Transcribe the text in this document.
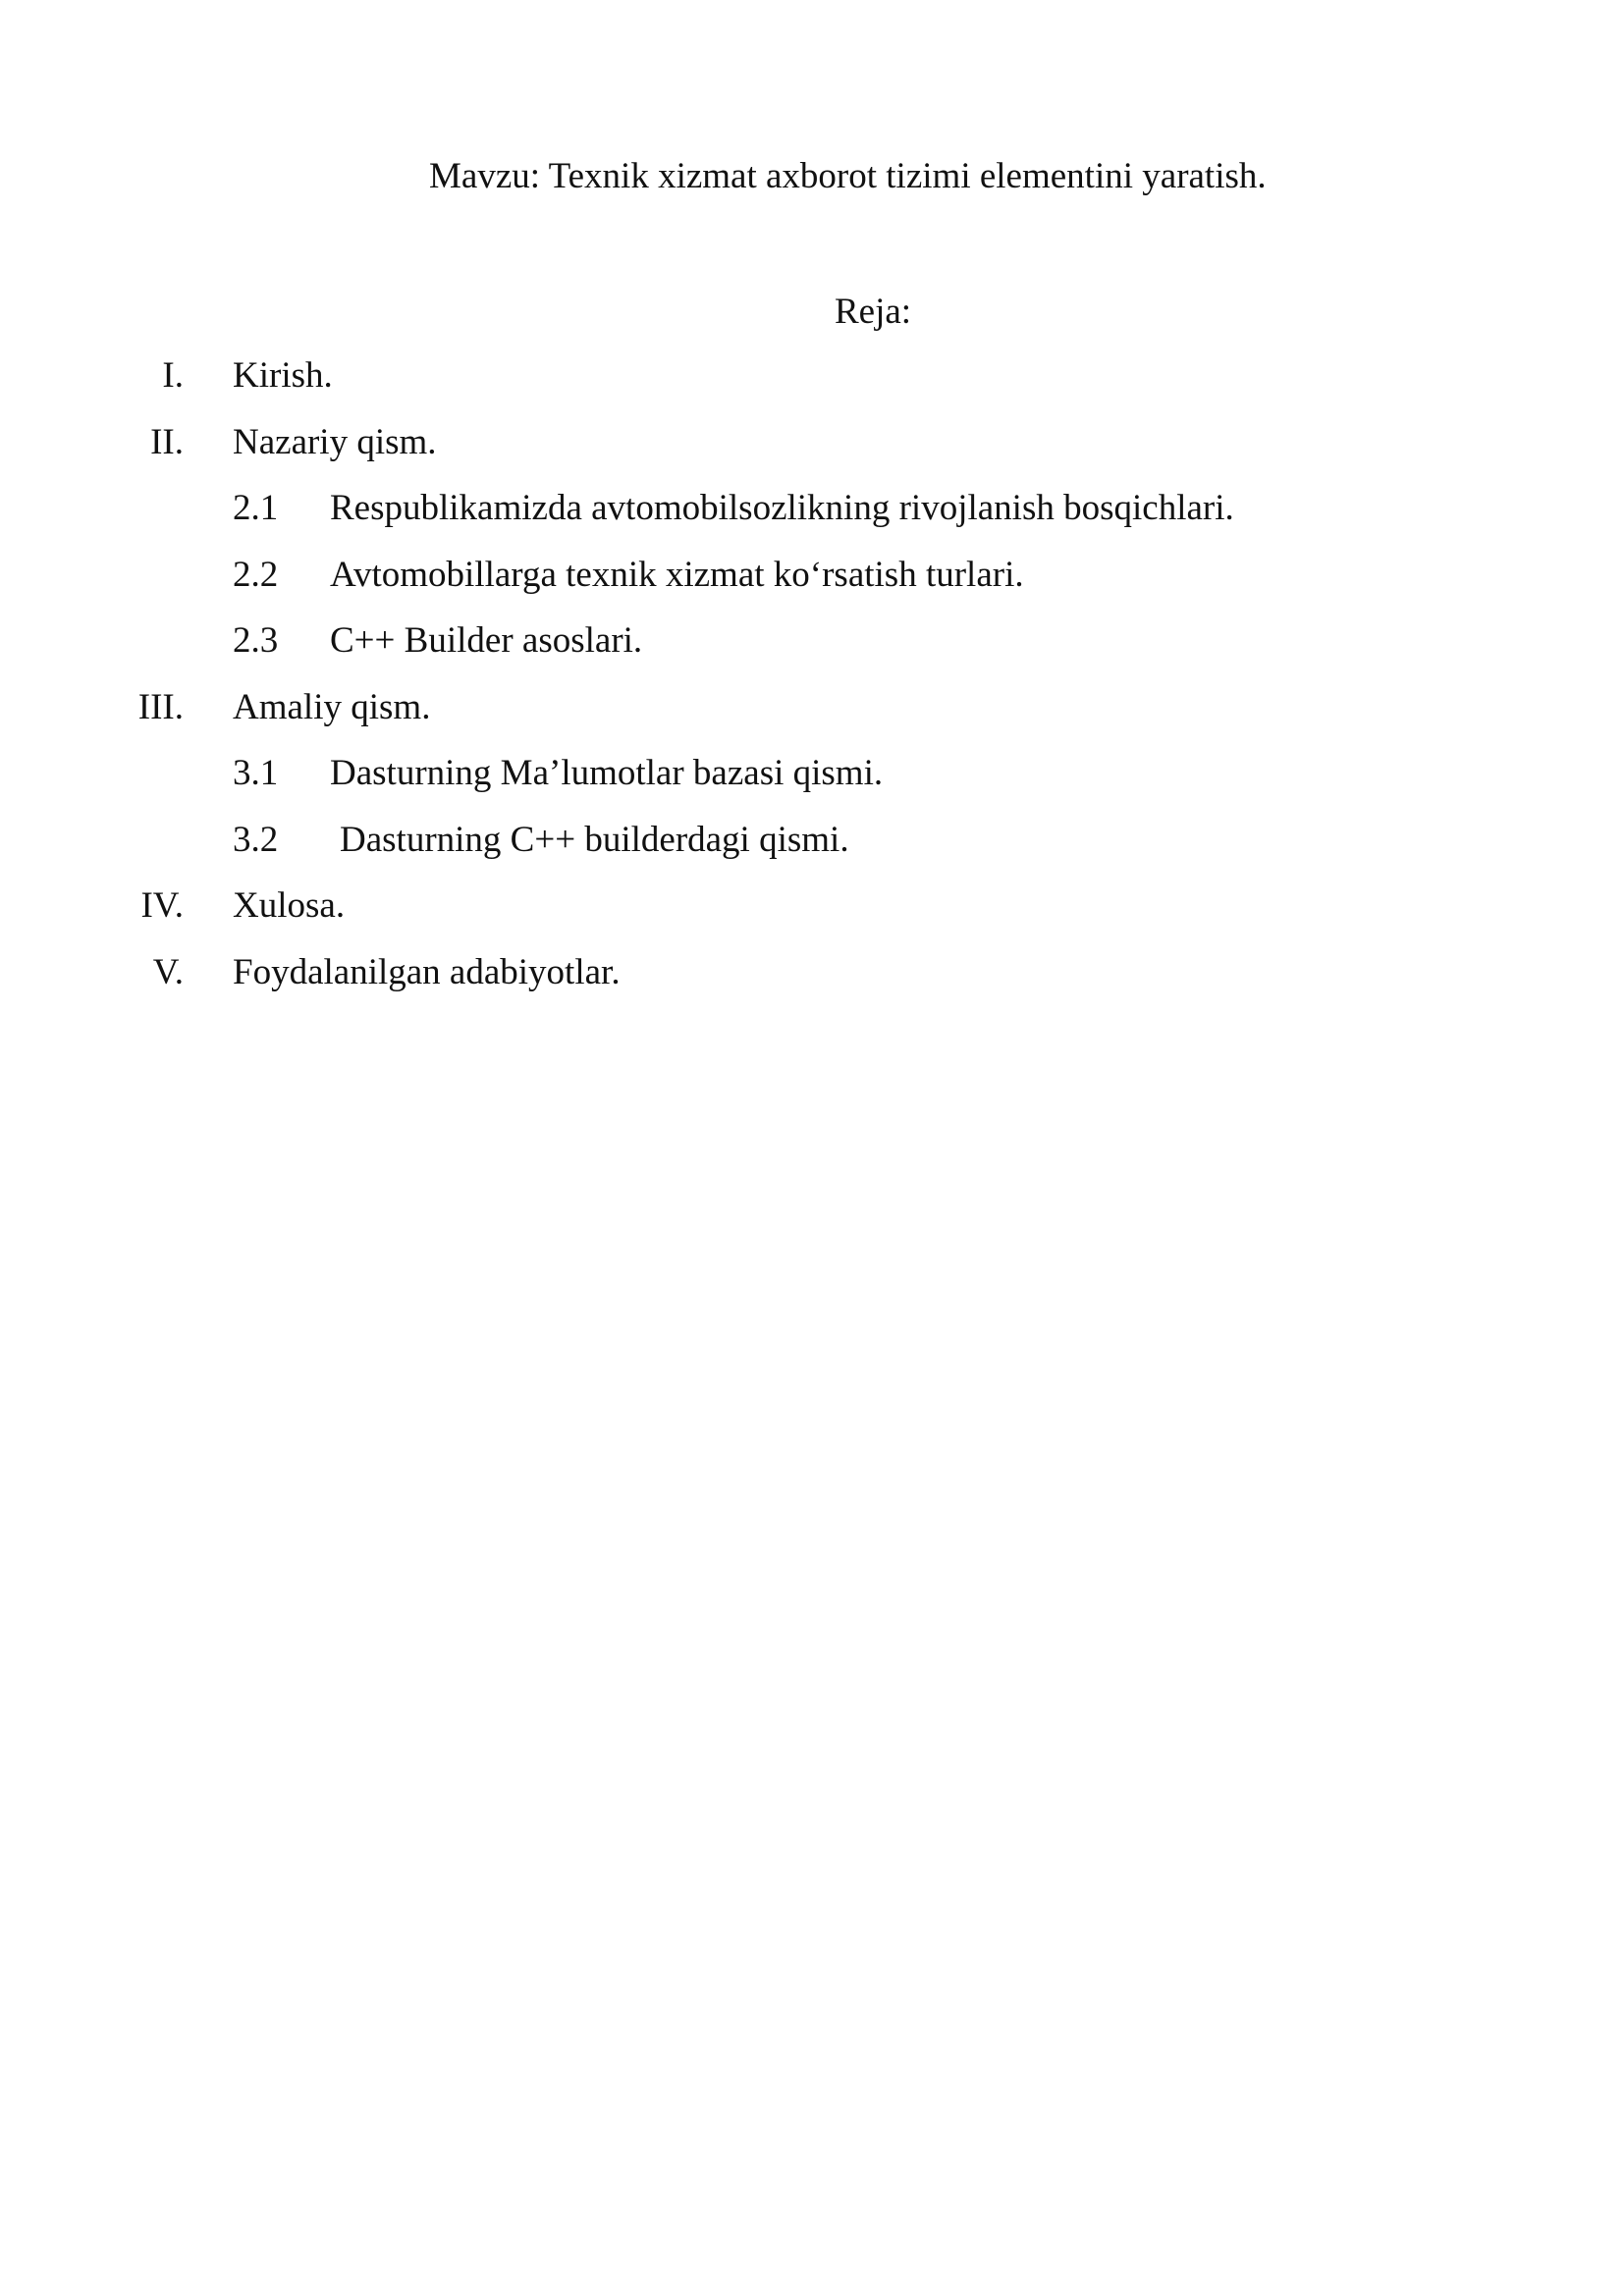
Mavzu: Texnik xizmat axborot tizimi elementini yaratish.
Reja:
I. Kirish.
II. Nazariy qism.
2.1 Respublikamizda avtomobilsozlikning rivojlanish bosqichlari.
2.2 Avtomobillarga texnik xizmat ko‘rsatish turlari.
2.3 C++ Builder asoslari.
III. Amaliy qism.
3.1 Dasturning Ma’lumotlar bazasi qismi.
3.2 Dasturning C++ builderdagi qismi.
IV. Xulosa.
V. Foydalanilgan adabiyotlar.
